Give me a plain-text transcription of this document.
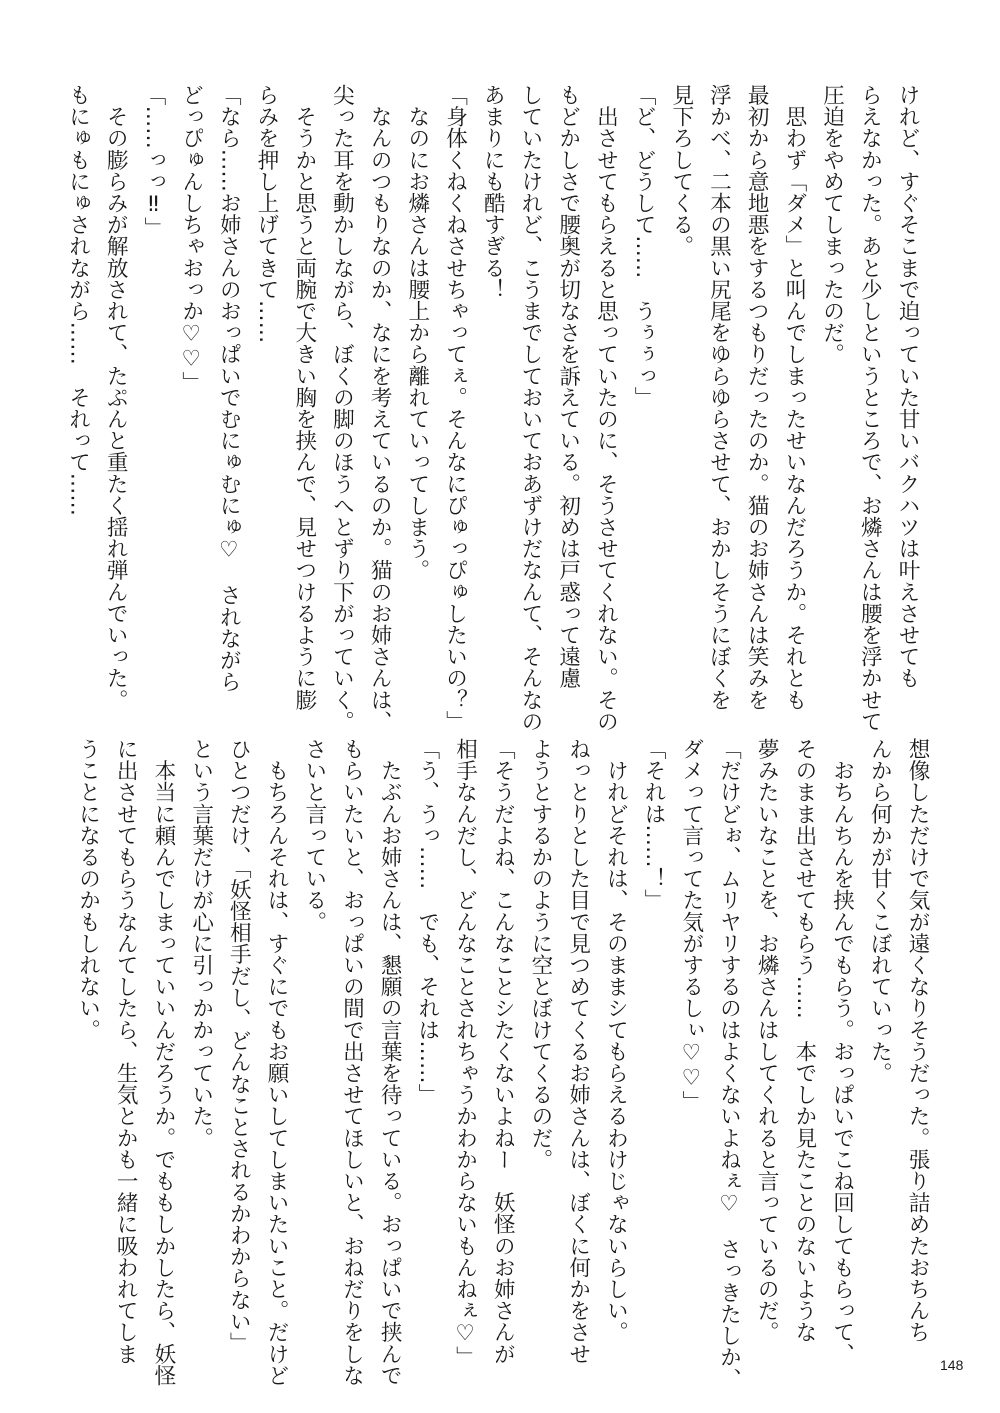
けれど、すぐそこまで迫っていた甘いバクハツは叶えさせても
らえなかった。あと少しというところで、お燐さんは腰を浮かせて
圧迫をやめてしまったのだ。
　思わず「ダメ」と叫んでしまったせいなんだろうか。それとも
最初から意地悪をするつもりだったのか。猫のお姉さんは笑みを
浮かべ、二本の黒い尻尾をゆらゆらさせて、おかしそうにぼくを
見下ろしてくる。
「ど、どうして……　うぅぅっ」
　出させてもらえると思っていたのに、そうさせてくれない。その
もどかしさで腰奥が切なさを訴えている。初めは戸惑って遠慮
していたけれど、こうまでしておいておあずけだなんて、そんなの
あまりにも酷すぎる！
「身体くねくねさせちゃってぇ。そんなにぴゅっぴゅしたいの？」
　なのにお燐さんは腰上から離れていってしまう。
　なんのつもりなのか、なにを考えているのか。猫のお姉さんは、
尖った耳を動かしながら、ぼくの脚のほうへとずり下がっていく。
　そうかと思うと両腕で大きい胸を挟んで、見せつけるように膨
らみを押し上げてきて……
「なら……お姉さんのおっぱいでむにゅむにゅ♡　されながら
どっぴゅんしちゃおっか♡♡」
「……っっ‼」
　その膨らみが解放されて、たぷんと重たく揺れ弾んでいった。
もにゅもにゅされながら……　それって……
想像しただけで気が遠くなりそうだった。張り詰めたおちんち
んから何かが甘くこぼれていった。
　おちんちんを挟んでもらう。おっぱいでこね回してもらって、
そのまま出させてもらう……　本でしか見たことのないような
夢みたいなことを、お燐さんはしてくれると言っているのだ。
「だけどぉ、ムリヤリするのはよくないよねぇ♡　さっきたしか、
ダメって言ってた気がするしぃ♡♡」
「それは……！」
　けれどそれは、そのままシてもらえるわけじゃないらしい。
ねっとりとした目で見つめてくるお姉さんは、ぼくに何かをさせ
ようとするかのように空とぼけてくるのだ。
「そうだよね、こんなことシたくないよねー　妖怪のお姉さんが
相手なんだし、どんなことされちゃうかわからないもんねぇ♡」
「う、うっ……　でも、それは……」
　たぶんお姉さんは、懇願の言葉を待っている。おっぱいで挟んで
もらいたいと、おっぱいの間で出させてほしいと、おねだりをしな
さいと言っている。
　もちろんそれは、すぐにでもお願いしてしまいたいこと。だけど
ひとつだけ、「妖怪相手だし、どんなことされるかわからない」
という言葉だけが心に引っかかっていた。
　本当に頼んでしまっていいんだろうか。でももしかしたら、妖怪
に出させてもらうなんてしたら、生気とかも一緒に吸われてしま
うことになるのかもしれない。
148
